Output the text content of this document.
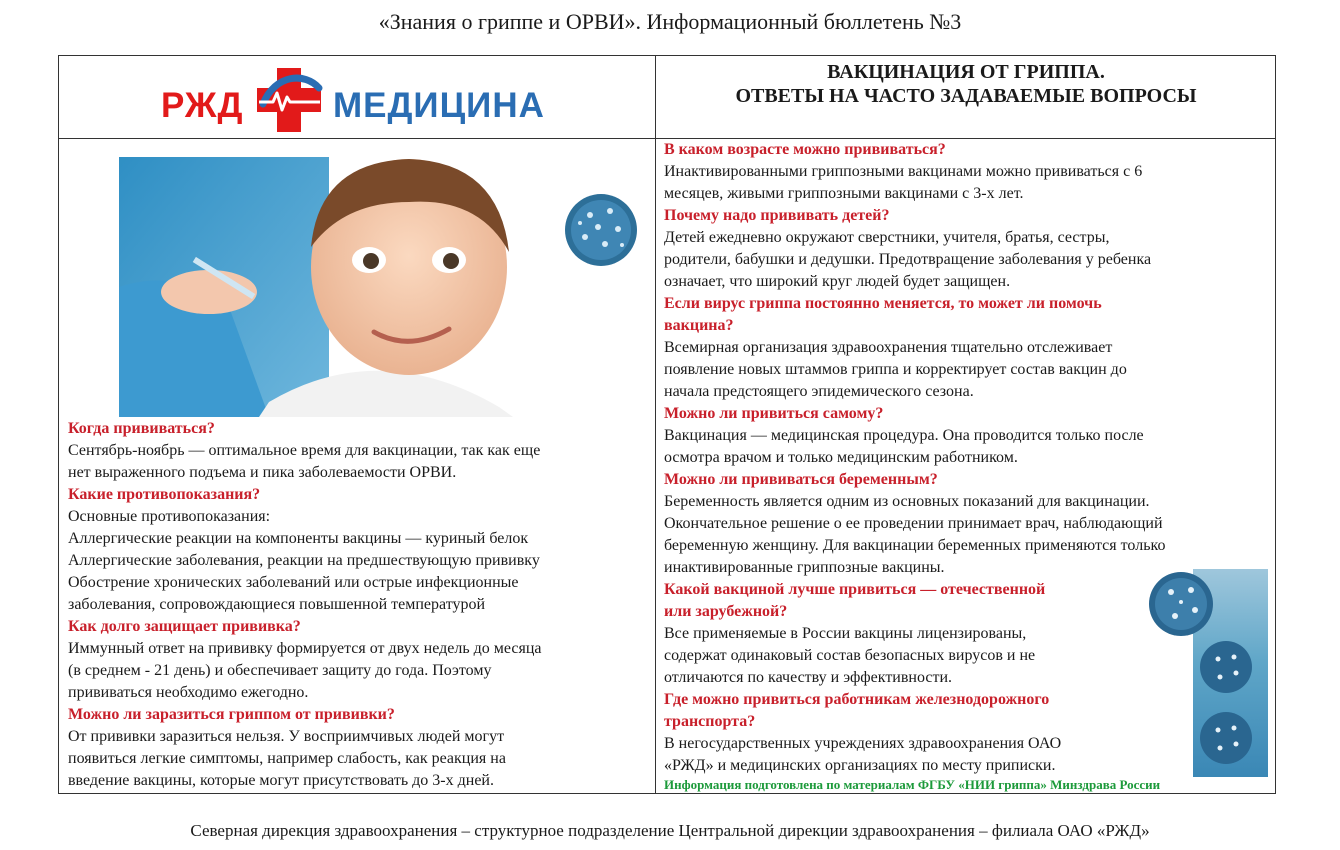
«Знания о гриппе и ОРВИ». Информационный бюллетень №3
РЖД	МЕДИЦИНА
ВАКЦИНАЦИЯ ОТ ГРИППА.
ОТВЕТЫ НА ЧАСТО ЗАДАВАЕМЫЕ ВОПРОСЫ
Когда прививаться?
Сентябрь-ноябрь — оптимальное время для вакцинации, так как еще
нет выраженного подъема и пика заболеваемости ОРВИ.
Какие противопоказания?
Основные противопоказания:
Аллергические реакции на компоненты вакцины — куриный белок
Аллергические заболевания, реакции на предшествующую прививку
Обострение хронических заболеваний или острые инфекционные
заболевания, сопровождающиеся повышенной температурой
Как долго защищает прививка?
Иммунный ответ на прививку формируется от двух недель до месяца
(в среднем - 21 день) и обеспечивает защиту до года. Поэтому
прививаться необходимо ежегодно.
Можно ли заразиться гриппом от прививки?
От прививки заразиться нельзя. У восприимчивых людей могут
появиться легкие симптомы, например слабость, как реакция на
введение вакцины, которые могут присутствовать до 3-х дней.
В каком возрасте можно прививаться?
Инактивированными гриппозными вакцинами можно прививаться с 6
месяцев, живыми гриппозными вакцинами с 3-х лет.
Почему надо прививать детей?
Детей ежедневно окружают сверстники, учителя, братья, сестры,
родители, бабушки и дедушки. Предотвращение заболевания у ребенка
означает, что широкий круг людей будет защищен.
Если вирус гриппа постоянно меняется, то может ли помочь
вакцина?
Всемирная организация здравоохранения тщательно отслеживает
появление новых штаммов гриппа и корректирует состав вакцин до
начала предстоящего эпидемического сезона.
Можно ли привиться самому?
Вакцинация — медицинская процедура. Она проводится только после
осмотра врачом и только медицинским работником.
Можно ли прививаться беременным?
Беременность является одним из основных показаний для вакцинации.
Окончательное решение о ее проведении принимает врач, наблюдающий
беременную женщину. Для вакцинации беременных применяются только
инактивированные гриппозные вакцины.
Какой вакциной лучше привиться — отечественной
или зарубежной?
Все применяемые в России вакцины лицензированы,
содержат одинаковый состав безопасных вирусов и не
отличаются по качеству и эффективности.
Где можно привиться работникам железнодорожного
транспорта?
В негосударственных учреждениях здравоохранения ОАО
«РЖД» и медицинских организациях по месту приписки.
Информация подготовлена по материалам ФГБУ «НИИ гриппа» Минздрава России
Северная дирекция здравоохранения – структурное подразделение Центральной дирекции здравоохранения – филиала ОАО «РЖД»
